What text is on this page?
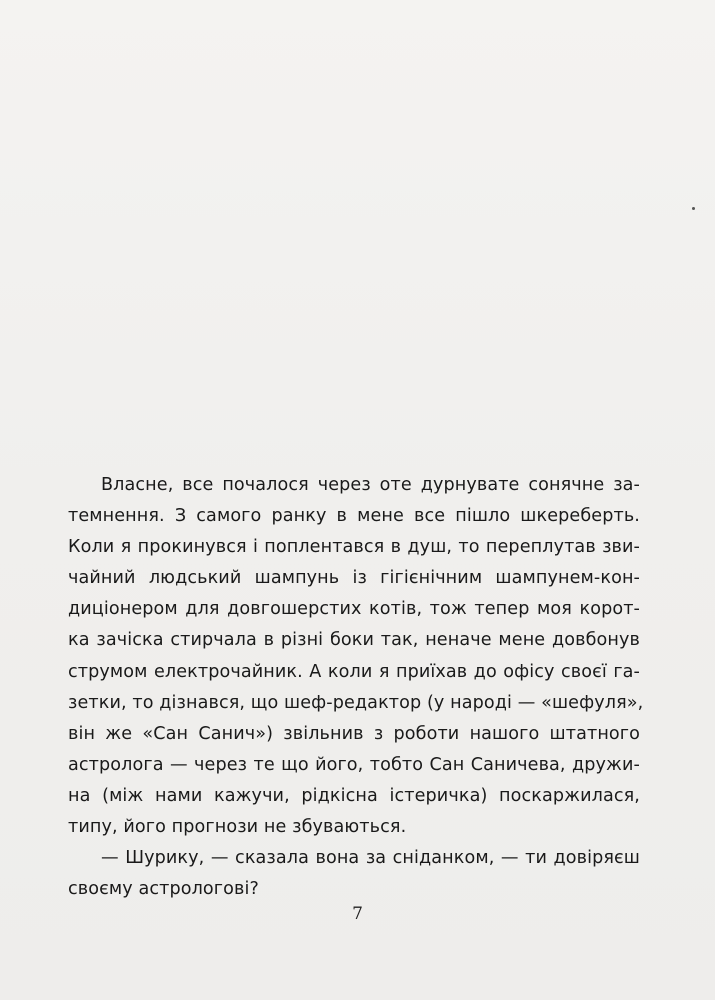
Власне, все почалося через оте дурнувате сонячне за-
темнення. З самого ранку в мене все пішло шкереберть.
Коли я прокинувся і поплентався в душ, то переплутав зви-
чайний людський шампунь із гігієнічним шампунем-кон-
диціонером для довгошерстих котів, тож тепер моя корот-
ка зачіска стирчала в різні боки так, неначе мене довбонув
струмом електрочайник. А коли я приїхав до офісу своєї га-
зетки, то дізнався, що шеф-редактор (у народі — «шефуля»,
він же «Сан Санич») звільнив з роботи нашого штатного
астролога — через те що його, тобто Сан Саничева, дружи-
на (між нами кажучи, рідкісна істеричка) поскаржилася,
типу, його прогнози не збуваються.
— Шурику, — сказала вона за сніданком, — ти довіряєш
своєму астрологові?
7
